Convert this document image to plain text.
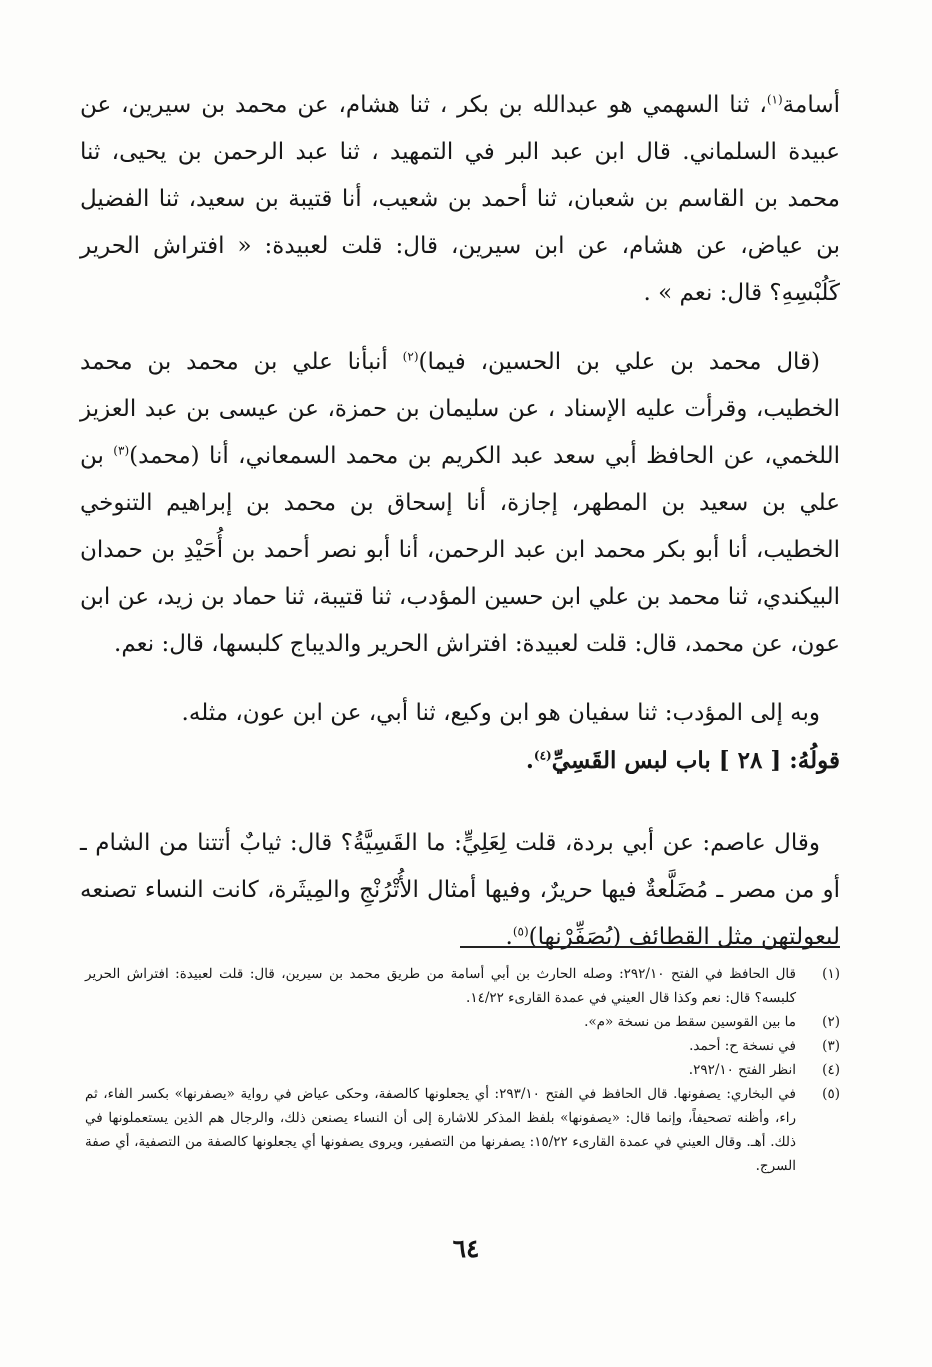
أسامة$^{(١)}$، ثنا السهمي هو عبدالله بن بكر ، ثنا هشام، عن محمد بن سيرين، عن عبيدة السلماني. قال ابن عبد البر في التمهيد ، ثنا عبد الرحمن بن يحيى، ثنا محمد بن القاسم بن شعبان، ثنا أحمد بن شعيب، أنا قتيبة بن سعيد، ثنا الفضيل بن عياض، عن هشام، عن ابن سيرين، قال: قلت لعبيدة: « افتراش الحرير كَلُبْسِهِ؟ قال: نعم » .

(قال محمد بن علي بن الحسين، فيما)$^{(٢)}$ أنبأنا علي بن محمد بن محمد الخطيب، وقرأت عليه الإسناد ، عن سليمان بن حمزة، عن عيسى بن عبد العزيز اللخمي، عن الحافظ أبي سعد عبد الكريم بن محمد السمعاني، أنا (محمد)$^{(٣)}$ بن علي بن سعيد بن المطهر، إجازة، أنا إسحاق بن محمد بن إبراهيم التنوخي الخطيب، أنا أبو بكر محمد ابن عبد الرحمن، أنا أبو نصر أحمد بن أُحَيْدِ بن حمدان البيكندي، ثنا محمد بن علي ابن حسين المؤدب، ثنا قتيبة، ثنا حماد بن زيد، عن ابن عون، عن محمد، قال: قلت لعبيدة: افتراش الحرير والديباج كلبسها، قال: نعم.

وبه إلى المؤدب: ثنا سفيان هو ابن وكيع، ثنا أبي، عن ابن عون، مثله.

قولُهُ: [ ٢٨ ] باب لبس القَسِيِّ$^{(٤)}$.

وقال عاصم: عن أبي بردة، قلت لِعَلِيٍّ: ما القَسِيَّةُ؟ قال: ثيابٌ أتتنا من الشام ـ أو من مصر ـ مُضَلَّعةٌ فيها حريرٌ، وفيها أمثال الأُتْرُنْجِ والمِيثَرة، كانت النساء تصنعه لبعولتهن مثل القطائف (يُصَفِّرْنها)$^{(٥)}$.

(١)
قال الحافظ في الفتح ٢٩٢/١٠: وصله الحارث بن أبي أسامة من طريق محمد بن سيرين، قال: قلت لعبيدة: افتراش الحرير كلبسه؟ قال: نعم وكذا قال العيني في عمدة القارىء ١٤/٢٢.
(٢)
ما بين القوسين سقط من نسخة «م».
(٣)
في نسخة ح: أحمد.
(٤)
انظر الفتح ٢٩٢/١٠.
(٥)
في البخاري: يصفونها. قال الحافظ في الفتح ٢٩٣/١٠: أي يجعلونها كالصفة، وحكى عياض في رواية «يصفرنها» بكسر الفاء، ثم راء، وأظنه تصحيفاً، وإنما قال: «يصفونها» بلفظ المذكر للاشارة إلى أن النساء يصنعن ذلك، والرجال هم الذين يستعملونها في ذلك. أهـ. وقال العيني في عمدة القارىء ١٥/٢٢: يصفرنها من التصفير، ويروى يصفونها أي يجعلونها كالصفة من التصفية، أي صفة السرج.
٦٤
